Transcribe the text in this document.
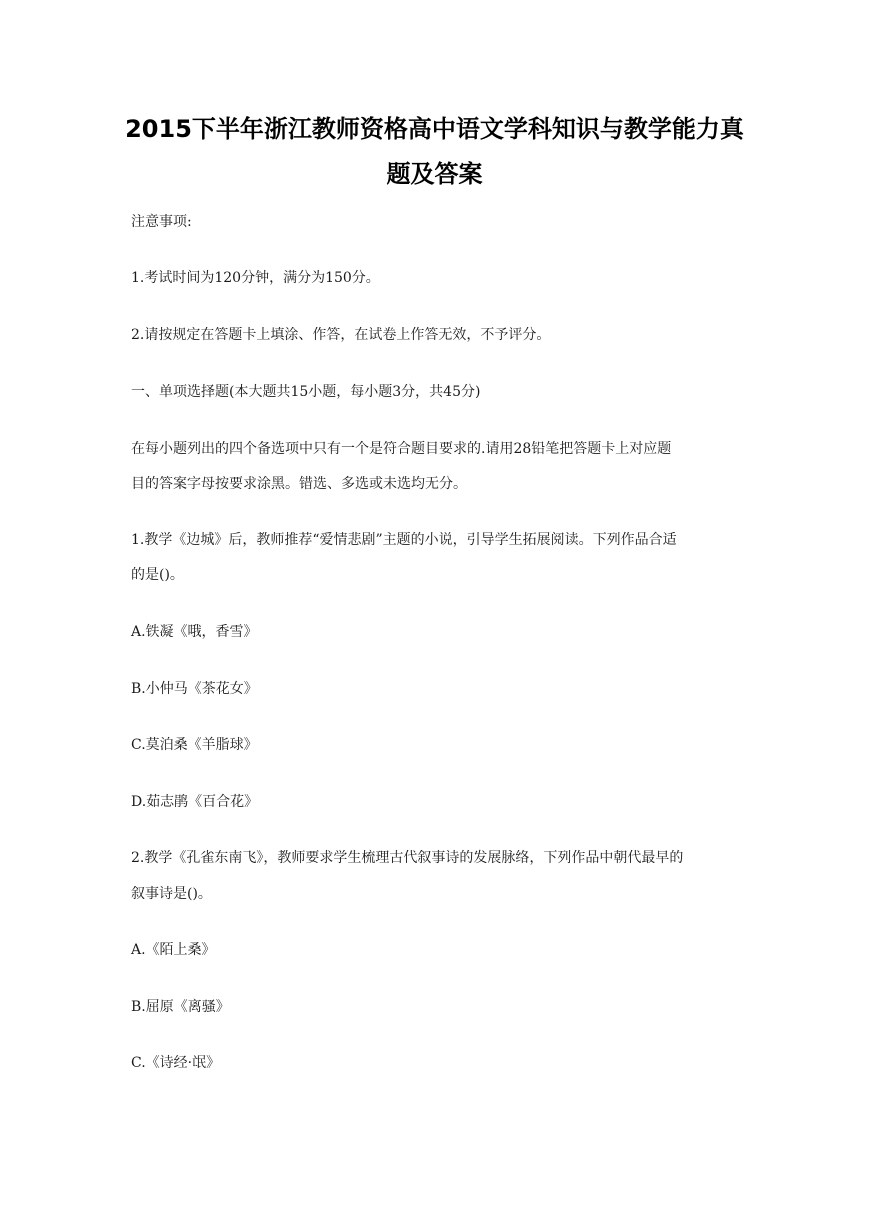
2015下半年浙江教师资格高中语文学科知识与教学能力真
题及答案
注意事项:
1.考试时间为120分钟，满分为150分。
2.请按规定在答题卡上填涂、作答，在试卷上作答无效，不予评分。
一、单项选择题(本大题共15小题，每小题3分，共45分)
在每小题列出的四个备选项中只有一个是符合题目要求的.请用28铅笔把答题卡上对应题
目的答案字母按要求涂黑。错选、多选或未选均无分。
1.教学《边城》后，教师推荐“爱情悲剧”主题的小说，引导学生拓展阅读。下列作品合适
的是()。
A.铁凝《哦，香雪》
B.小仲马《茶花女》
C.莫泊桑《羊脂球》
D.茹志鹃《百合花》
2.教学《孔雀东南飞》，教师要求学生梳理古代叙事诗的发展脉络，下列作品中朝代最早的
叙事诗是()。
A.《陌上桑》
B.屈原《离骚》
C.《诗经·氓》
